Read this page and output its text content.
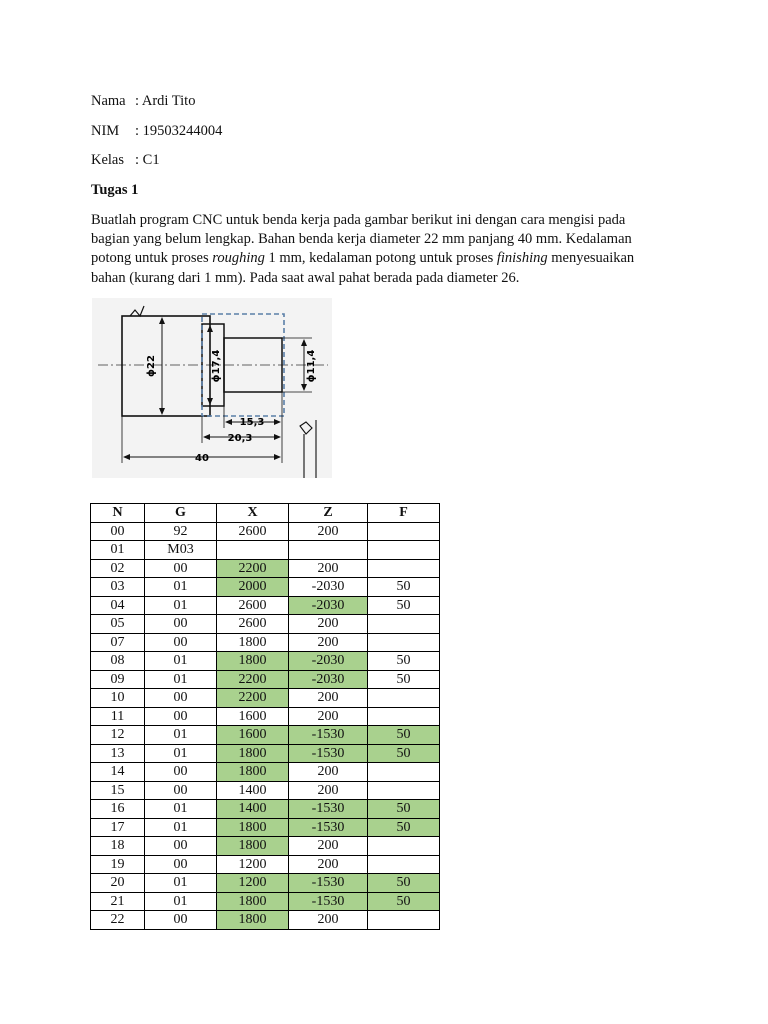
Nama : Ardi Tito
NIM : 19503244004
Kelas : C1
Tugas 1
Buatlah program CNC untuk benda kerja pada gambar berikut ini dengan cara mengisi pada
bagian yang belum lengkap. Bahan benda kerja diameter 22 mm panjang 40 mm. Kedalaman
potong untuk proses roughing 1 mm, kedalaman potong untuk proses finishing menyesuaikan
bahan (kurang dari 1 mm). Pada saat awal pahat berada pada diameter 26.
ɸ22	ɸ17,4	ɸ11,4
15,3
20,3
40
N	G	X	Z	F
00	92	2600	200	
01	M03			
02	00	2200	200	
03	01	2000	-2030	50
04	01	2600	-2030	50
05	00	2600	200	
07	00	1800	200	
08	01	1800	-2030	50
09	01	2200	-2030	50
10	00	2200	200	
11	00	1600	200	
12	01	1600	-1530	50
13	01	1800	-1530	50
14	00	1800	200	
15	00	1400	200	
16	01	1400	-1530	50
17	01	1800	-1530	50
18	00	1800	200	
19	00	1200	200	
20	01	1200	-1530	50
21	01	1800	-1530	50
22	00	1800	200	
